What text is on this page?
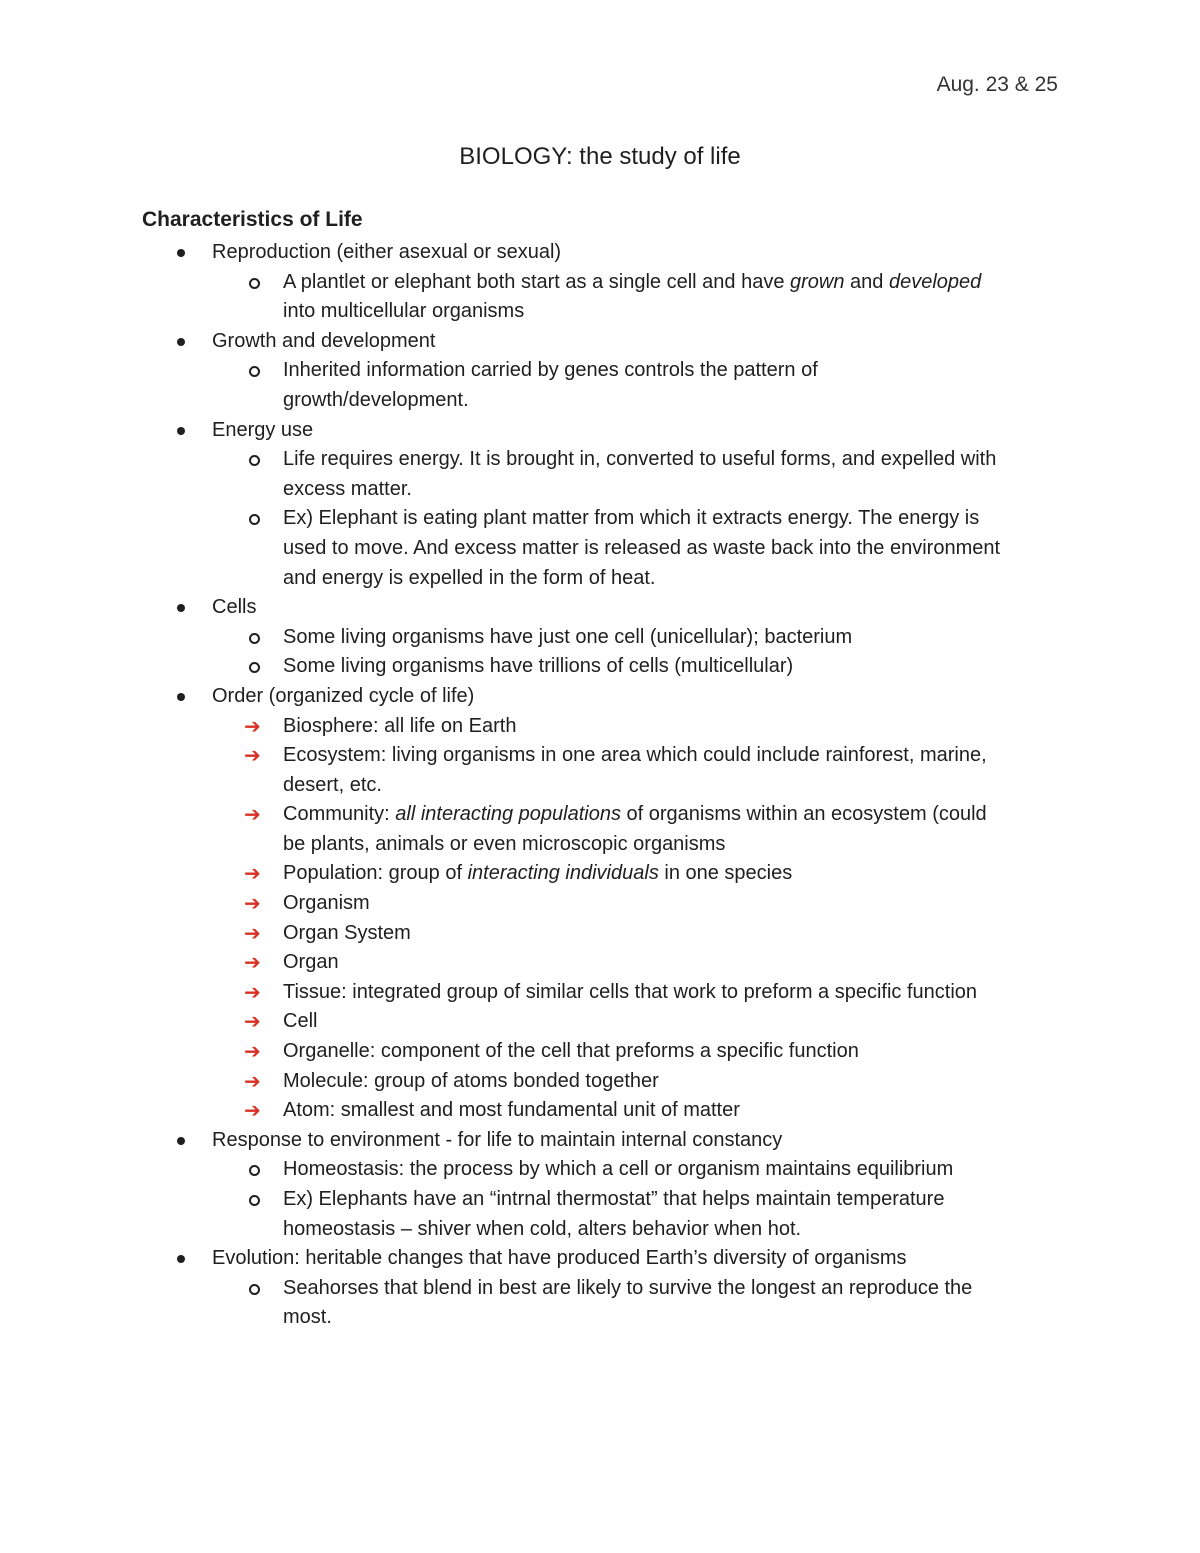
Aug. 23 & 25
BIOLOGY: the study of life
Characteristics of Life
Reproduction (either asexual or sexual)
A plantlet or elephant both start as a single cell and have grown and developed
into multicellular organisms
Growth and development
Inherited information carried by genes controls the pattern of
growth/development.
Energy use
Life requires energy. It is brought in, converted to useful forms, and expelled with
excess matter.
Ex) Elephant is eating plant matter from which it extracts energy. The energy is
used to move. And excess matter is released as waste back into the environment
and energy is expelled in the form of heat.
Cells
Some living organisms have just one cell (unicellular); bacterium
Some living organisms have trillions of cells (multicellular)
Order (organized cycle of life)
➔ Biosphere: all life on Earth
➔ Ecosystem: living organisms in one area which could include rainforest, marine,
desert, etc.
➔ Community: all interacting populations of organisms within an ecosystem (could
be plants, animals or even microscopic organisms
➔ Population: group of interacting individuals in one species
➔ Organism
➔ Organ System
➔ Organ
➔ Tissue: integrated group of similar cells that work to preform a specific function
➔ Cell
➔ Organelle: component of the cell that preforms a specific function
➔ Molecule: group of atoms bonded together
➔ Atom: smallest and most fundamental unit of matter
Response to environment - for life to maintain internal constancy
Homeostasis: the process by which a cell or organism maintains equilibrium
Ex) Elephants have an “intrnal thermostat” that helps maintain temperature
homeostasis – shiver when cold, alters behavior when hot.
Evolution: heritable changes that have produced Earth’s diversity of organisms
Seahorses that blend in best are likely to survive the longest an reproduce the
most.
